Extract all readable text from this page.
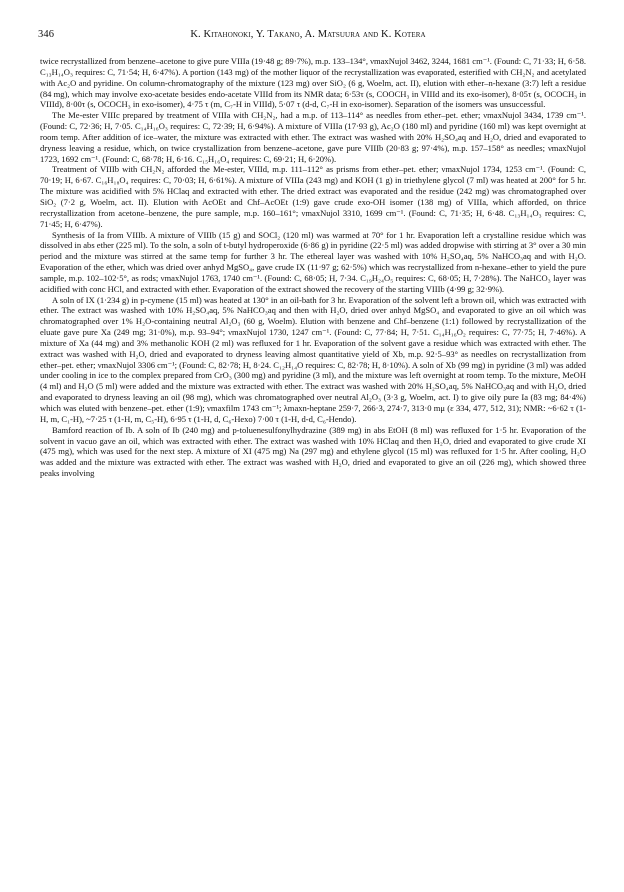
346	K. Kitahonoki, Y. Takano, A. Matsuura and K. Kotera

twice recrystallized from benzene–acetone to give pure VIIIa (19·48 g; 89·7%), m.p. 133–134°, νmaxNujol 3462, 3244, 1681 cm⁻¹. (Found: C, 71·33; H, 6·58. C₁₃H₁₄O₃ requires: C, 71·54; H, 6·47%). A portion (143 mg) of the mother liquor of the recrystallization was evaporated, esterified with CH₂N₂ and acetylated with Ac₂O and pyridine. On column-chromatography of the mixture (123 mg) over SiO₂ (6 g, Woelm, act. II), elution with ether–n-hexane (3:7) left a residue (84 mg), which may involve exo-acetate besides endo-acetate VIIId from its NMR data; 6·53τ (s, COOCH₃ in VIIId and its exo-isomer), 8·05τ (s, OCOCH₃ in VIIId), 8·00τ (s, OCOCH₃ in exo-isomer), 4·75 τ (m, C₇-H in VIIId), 5·07 τ (d-d, C₇-H in exo-isomer). Separation of the isomers was unsuccessful.

The Me-ester VIIIc prepared by treatment of VIIIa with CH₂N₂, had a m.p. of 113–114° as needles from ether–pet. ether; νmaxNujol 3434, 1739 cm⁻¹. (Found: C, 72·36; H, 7·05. C₁₄H₁₆O₃ requires: C, 72·39; H, 6·94%). A mixture of VIIIa (17·93 g), Ac₂O (180 ml) and pyridine (160 ml) was kept overnight at room temp. After addition of ice–water, the mixture was extracted with ether. The extract was washed with 20% H₂SO₄aq and H₂O, dried and evaporated to dryness leaving a residue, which, on twice crystallization from benzene–acetone, gave pure VIIIb (20·83 g; 97·4%), m.p. 157–158° as needles; νmaxNujol 1723, 1692 cm⁻¹. (Found: C, 68·78; H, 6·16. C₁₅H₁₆O₄ requires: C, 69·21; H, 6·20%).

Treatment of VIIIb with CH₂N₂ afforded the Me-ester, VIIId, m.p. 111–112° as prisms from ether–pet. ether; νmaxNujol 1734, 1253 cm⁻¹. (Found: C, 70·19; H, 6·67. C₁₆H₁₈O₄ requires: C, 70·03; H, 6·61%). A mixture of VIIIa (243 mg) and KOH (1 g) in triethylene glycol (7 ml) was heated at 200° for 5 hr. The mixture was acidified with 5% HClaq and extracted with ether. The dried extract was evaporated and the residue (242 mg) was chromatographed over SiO₂ (7·2 g, Woelm, act. II). Elution with AcOEt and Chf–AcOEt (1:9) gave crude exo-OH isomer (138 mg) of VIIIa, which afforded, on thrice recrystallization from acetone–benzene, the pure sample, m.p. 160–161°; νmaxNujol 3310, 1699 cm⁻¹. (Found: C, 71·35; H, 6·48. C₁₃H₁₄O₃ requires: C, 71·45; H, 6·47%).

Synthesis of Ia from VIIIb. A mixture of VIIIb (15 g) and SOCl₂ (120 ml) was warmed at 70° for 1 hr. Evaporation left a crystalline residue which was dissolved in abs ether (225 ml). To the soln, a soln of t-butyl hydroperoxide (6·86 g) in pyridine (22·5 ml) was added dropwise with stirring at 3° over a 30 min period and the mixture was stirred at the same temp for further 3 hr. The ethereal layer was washed with 10% H₂SO₄aq, 5% NaHCO₃aq and with H₂O. Evaporation of the ether, which was dried over anhyd MgSO₄, gave crude IX (11·97 g; 62·5%) which was recrystallized from n-hexane–ether to yield the pure sample, m.p. 102–102·5°, as rods; νmaxNujol 1763, 1740 cm⁻¹. (Found: C, 68·05; H, 7·34. C₁₉H₂₄O₅ requires: C, 68·05; H, 7·28%). The NaHCO₃ layer was acidified with conc HCl, and extracted with ether. Evaporation of the extract showed the recovery of the starting VIIIb (4·99 g; 32·9%).

A soln of IX (1·234 g) in p-cymene (15 ml) was heated at 130° in an oil-bath for 3 hr. Evaporation of the solvent left a brown oil, which was extracted with ether. The extract was washed with 10% H₂SO₄aq, 5% NaHCO₃aq and then with H₂O, dried over anhyd MgSO₄ and evaporated to give an oil which was chromatographed over 1% H₂O-containing neutral Al₂O₃ (60 g, Woelm). Elution with benzene and Chf–benzene (1:1) followed by recrystallization of the eluate gave pure Xa (249 mg; 31·0%), m.p. 93–94°; νmaxNujol 1730, 1247 cm⁻¹. (Found: C, 77·84; H, 7·51. C₁₄H₁₆O₂ requires: C, 77·75; H, 7·46%). A mixture of Xa (44 mg) and 3% methanolic KOH (2 ml) was refluxed for 1 hr. Evaporation of the solvent gave a residue which was extracted with ether. The extract was washed with H₂O, dried and evaporated to dryness leaving almost quantitative yield of Xb, m.p. 92·5–93° as needles on recrystallization from ether–pet. ether; νmaxNujol 3306 cm⁻¹; (Found: C, 82·78; H, 8·24. C₁₂H₁₄O requires: C, 82·78; H, 8·10%). A soln of Xb (99 mg) in pyridine (3 ml) was added under cooling in ice to the complex prepared from CrO₃ (300 mg) and pyridine (3 ml), and the mixture was left overnight at room temp. To the mixture, MeOH (4 ml) and H₂O (5 ml) were added and the mixture was extracted with ether. The extract was washed with 20% H₂SO₄aq, 5% NaHCO₃aq and with H₂O, dried and evaporated to dryness leaving an oil (98 mg), which was chromatographed over neutral Al₂O₃ (3·3 g, Woelm, act. I) to give oily pure Ia (83 mg; 84·4%) which was eluted with benzene–pet. ether (1:9); νmaxfilm 1743 cm⁻¹; λmaxn-heptane 259·7, 266·3, 274·7, 313·0 mμ (ε 334, 477, 512, 31); NMR: ~6·62 τ (1-H, m, C₁-H), ~7·25 τ (1-H, m, C₅-H), 6·95 τ (1-H, d, C₆-Hexo) 7·00 τ (1-H, d-d, C₆-Hendo).

Bamford reaction of Ib. A soln of Ib (240 mg) and p-toluenesulfonylhydrazine (389 mg) in abs EtOH (8 ml) was refluxed for 1·5 hr. Evaporation of the solvent in vacuo gave an oil, which was extracted with ether. The extract was washed with 10% HClaq and then H₂O, dried and evaporated to give crude XI (475 mg), which was used for the next step. A mixture of XI (475 mg) Na (297 mg) and ethylene glycol (15 ml) was refluxed for 1·5 hr. After cooling, H₂O was added and the mixture was extracted with ether. The extract was washed with H₂O, dried and evaporated to give an oil (226 mg), which showed three peaks involving
